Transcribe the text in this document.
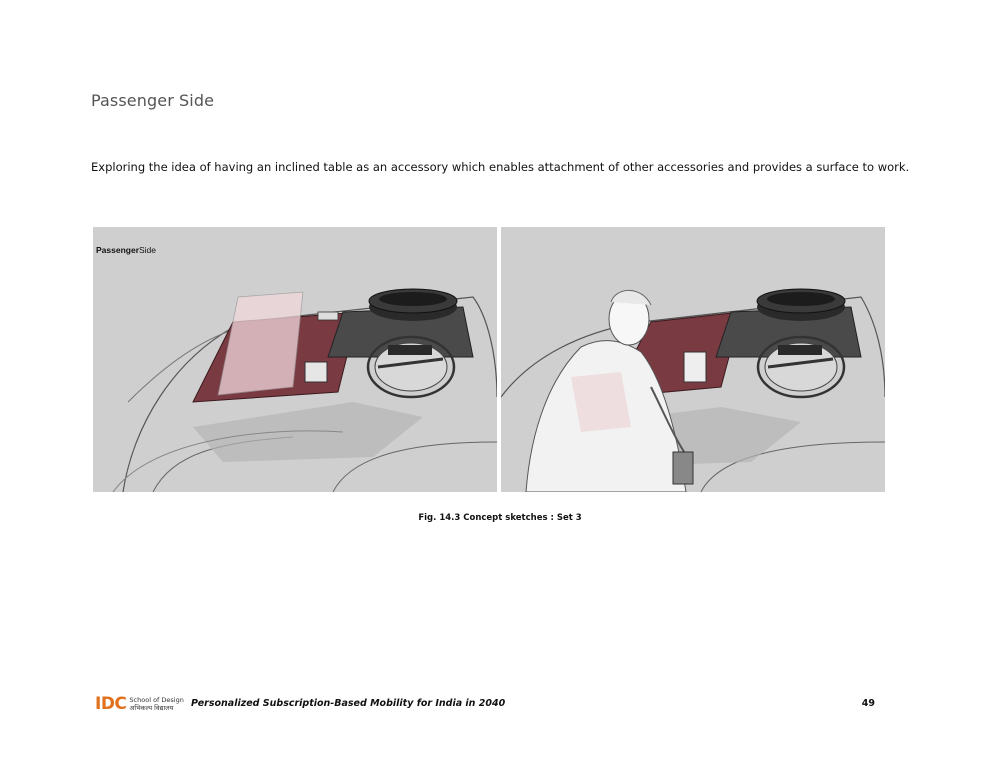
Passenger Side

Exploring the idea of having an inclined table as an accessory which enables attachment of other accessories and provides a surface to work.

PassengerSide
Fig. 14.3 Concept sketches : Set 3
IDC School of Design
अभिकल्प विद्यालय	Personalized Subscription-Based Mobility for India in 2040	49
